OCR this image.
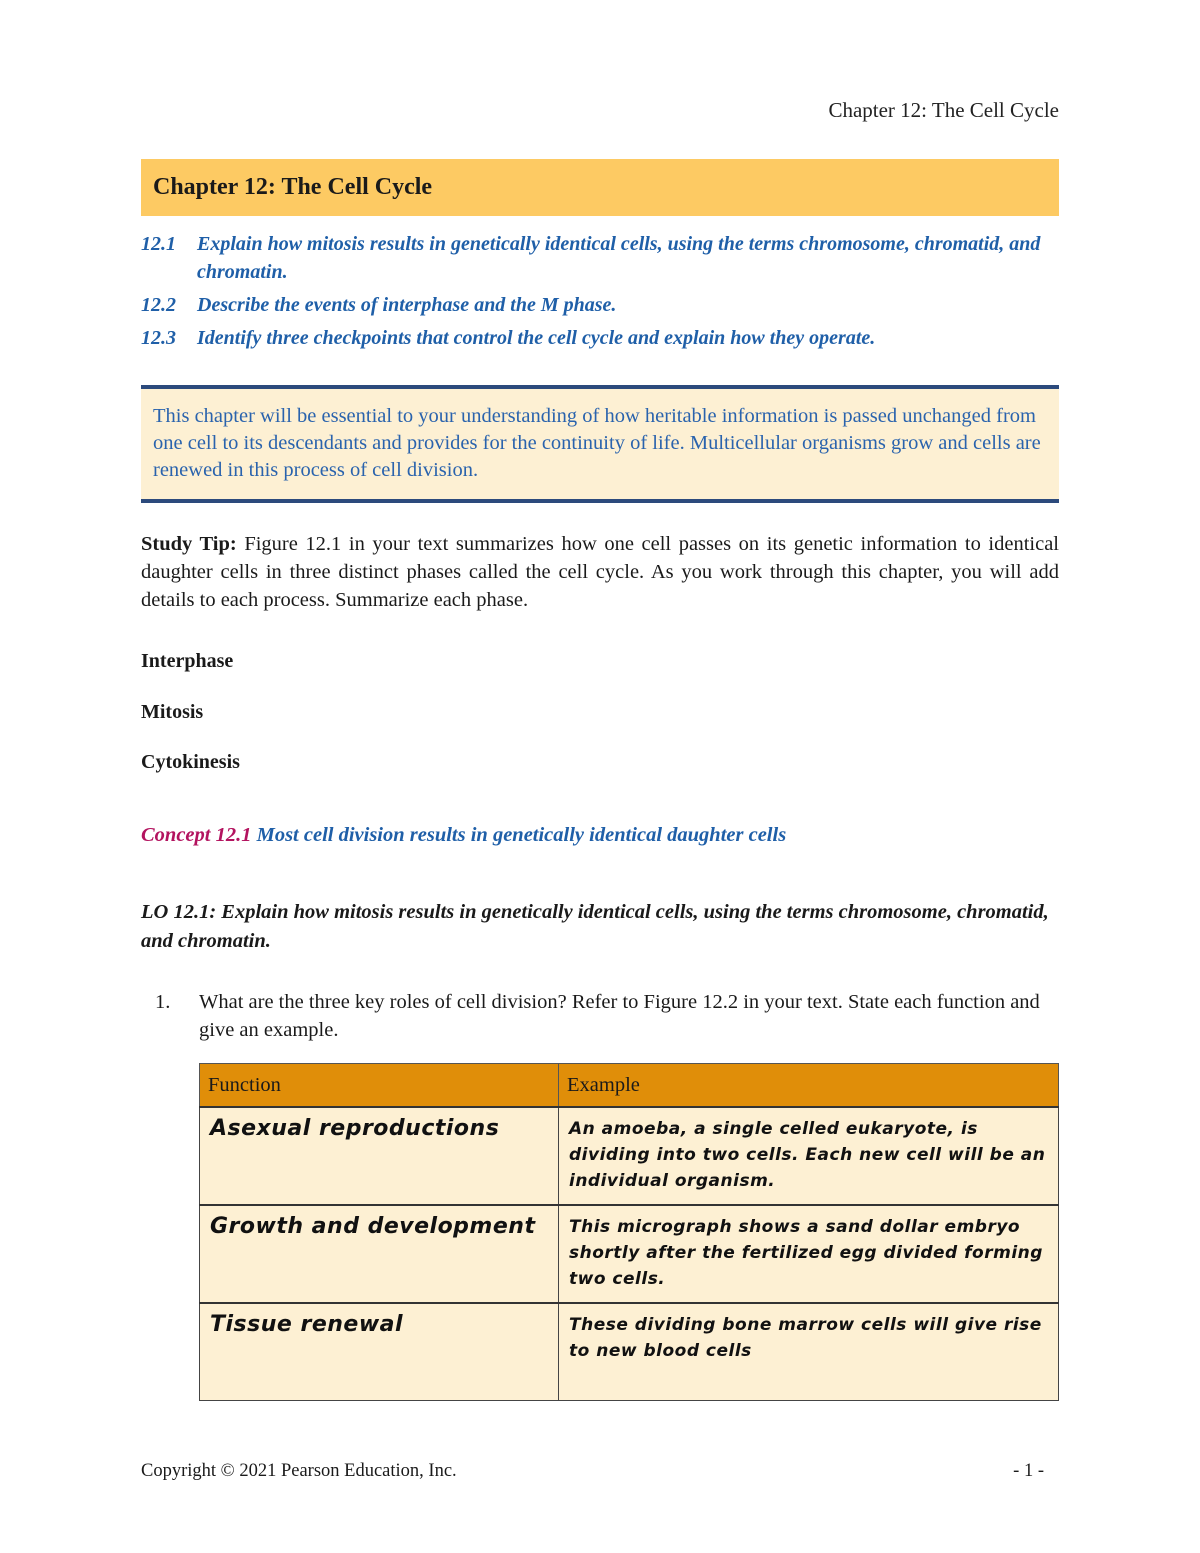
Chapter 12: The Cell Cycle
Chapter 12: The Cell Cycle
12.1	Explain how mitosis results in genetically identical cells, using the terms chromosome, chromatid, and chromatin.
12.2	Describe the events of interphase and the M phase.
12.3	Identify three checkpoints that control the cell cycle and explain how they operate.
This chapter will be essential to your understanding of how heritable information is passed unchanged from one cell to its descendants and provides for the continuity of life. Multicellular organisms grow and cells are renewed in this process of cell division.
Study Tip: Figure 12.1 in your text summarizes how one cell passes on its genetic information to identical daughter cells in three distinct phases called the cell cycle. As you work through this chapter, you will add details to each process. Summarize each phase.
Interphase
Mitosis
Cytokinesis
Concept 12.1 Most cell division results in genetically identical daughter cells
LO 12.1: Explain how mitosis results in genetically identical cells, using the terms chromosome, chromatid, and chromatin.
1.	What are the three key roles of cell division? Refer to Figure 12.2 in your text. State each function and give an example.
Function	Example
Asexual reproductions	An amoeba, a single celled eukaryote, is dividing into two cells. Each new cell will be an individual organism.
Growth and development	This micrograph shows a sand dollar embryo shortly after the fertilized egg divided forming two cells.
Tissue renewal	These dividing bone marrow cells will give rise to new blood cells
Copyright © 2021 Pearson Education, Inc.	- 1 -
